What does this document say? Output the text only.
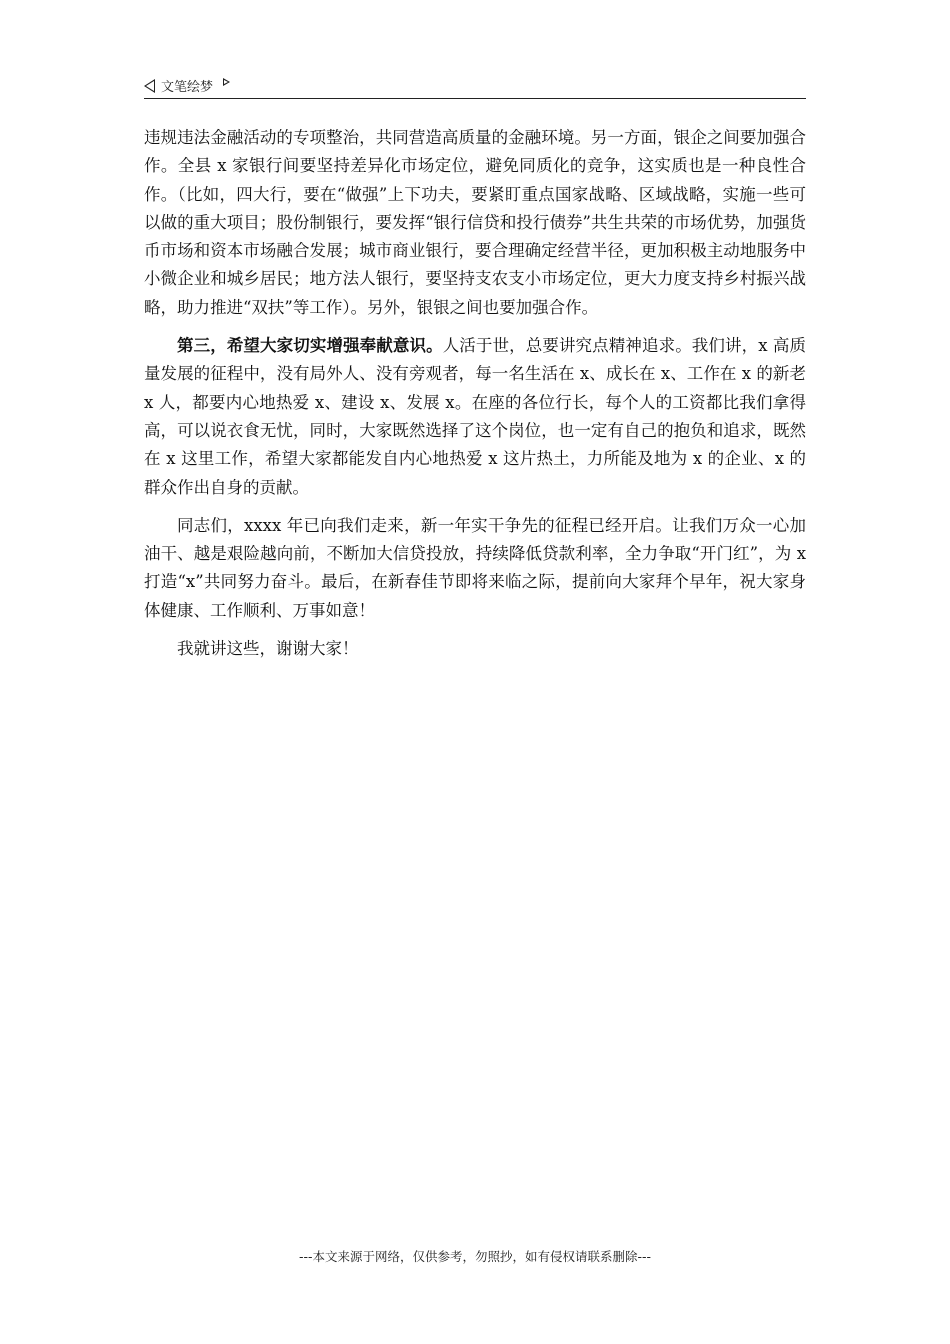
文笔绘梦

违规违法金融活动的专项整治，共同营造高质量的金融环境。另一方面，银企之间要加强合作。全县 x 家银行间要坚持差异化市场定位，避免同质化的竞争，这实质也是一种良性合作。（比如，四大行，要在“做强”上下功夫，要紧盯重点国家战略、区域战略，实施一些可以做的重大项目；股份制银行，要发挥“银行信贷和投行债券”共生共荣的市场优势，加强货币市场和资本市场融合发展；城市商业银行，要合理确定经营半径，更加积极主动地服务中小微企业和城乡居民；地方法人银行，要坚持支农支小市场定位，更大力度支持乡村振兴战略，助力推进“双扶”等工作）。另外，银银之间也要加强合作。

第三，希望大家切实增强奉献意识。人活于世，总要讲究点精神追求。我们讲，x 高质量发展的征程中，没有局外人、没有旁观者，每一名生活在 x、成长在 x、工作在 x 的新老 x 人，都要内心地热爱 x、建设 x、发展 x。在座的各位行长，每个人的工资都比我们拿得高，可以说衣食无忧，同时，大家既然选择了这个岗位，也一定有自己的抱负和追求，既然在 x 这里工作，希望大家都能发自内心地热爱 x 这片热土，力所能及地为 x 的企业、x 的群众作出自身的贡献。

同志们，xxxx 年已向我们走来，新一年实干争先的征程已经开启。让我们万众一心加油干、越是艰险越向前，不断加大信贷投放，持续降低贷款利率，全力争取“开门红”，为 x 打造“x”共同努力奋斗。最后，在新春佳节即将来临之际，提前向大家拜个早年，祝大家身体健康、工作顺利、万事如意！

我就讲这些，谢谢大家！

---本文来源于网络，仅供参考，勿照抄，如有侵权请联系删除---
